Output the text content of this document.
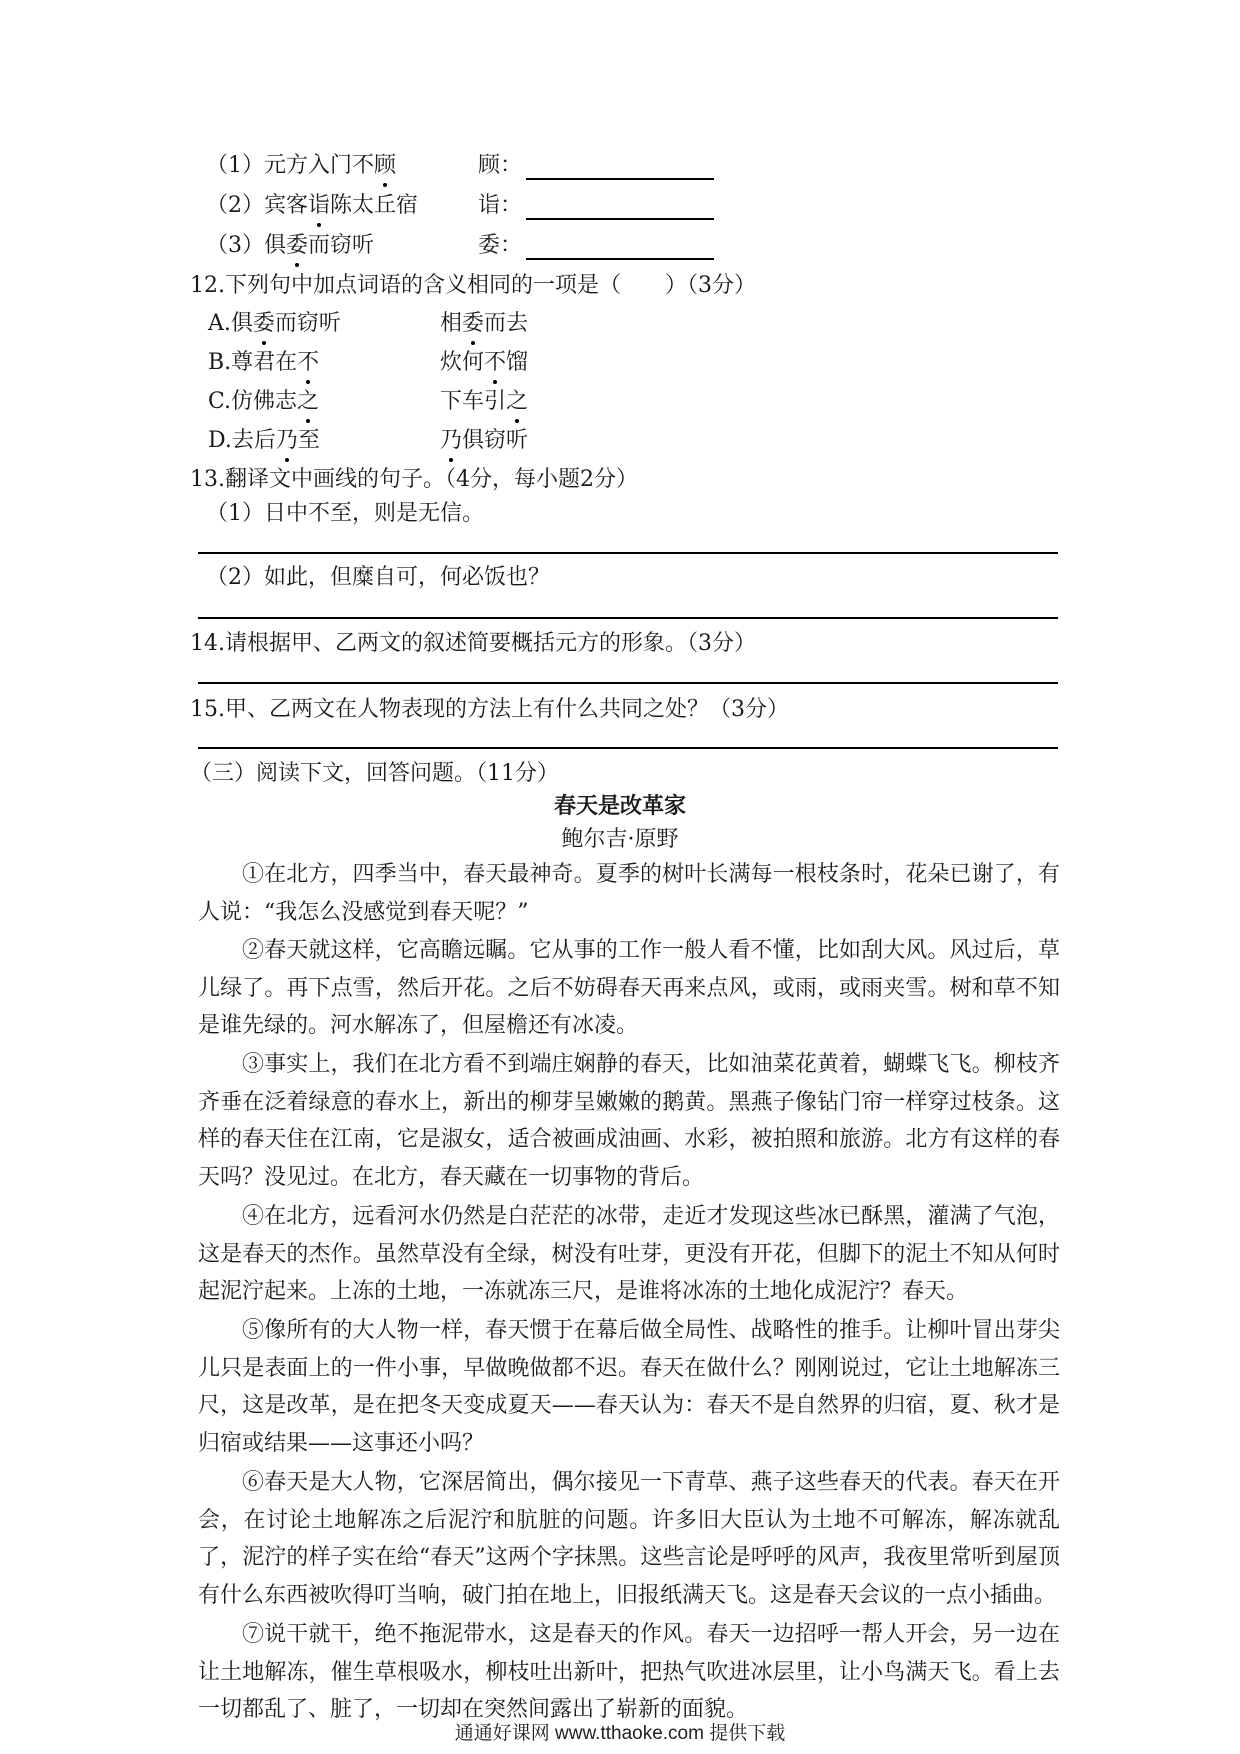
（1）元方入门不顾	顾：
（2）宾客诣陈太丘宿	诣：
（3）俱委而窃听	委：
12.下列句中加点词语的含义相同的一项是（　　）（3分）
A.俱委而窃听	相委而去
B.尊君在不	炊何不馏
C.仿佛志之	下车引之
D.去后乃至	乃俱窃听
13.翻译文中画线的句子。（4分，每小题2分）
（1）日中不至，则是无信。
（2）如此，但糜自可，何必饭也？
14.请根据甲、乙两文的叙述简要概括元方的形象。（3分）
15.甲、乙两文在人物表现的方法上有什么共同之处？（3分）
（三）阅读下文，回答问题。（11分）
春天是改革家
鲍尔吉·原野
①在北方，四季当中，春天最神奇。夏季的树叶长满每一根枝条时，花朵已谢了，有人说：“我怎么没感觉到春天呢？”
②春天就这样，它高瞻远瞩。它从事的工作一般人看不懂，比如刮大风。风过后，草儿绿了。再下点雪，然后开花。之后不妨碍春天再来点风，或雨，或雨夹雪。树和草不知是谁先绿的。河水解冻了，但屋檐还有冰凌。
③事实上，我们在北方看不到端庄娴静的春天，比如油菜花黄着，蝴蝶飞飞。柳枝齐齐垂在泛着绿意的春水上，新出的柳芽呈嫩嫩的鹅黄。黑燕子像钻门帘一样穿过枝条。这样的春天住在江南，它是淑女，适合被画成油画、水彩，被拍照和旅游。北方有这样的春天吗？没见过。在北方，春天藏在一切事物的背后。
④在北方，远看河水仍然是白茫茫的冰带，走近才发现这些冰已酥黑，灌满了气泡，这是春天的杰作。虽然草没有全绿，树没有吐芽，更没有开花，但脚下的泥土不知从何时起泥泞起来。上冻的土地，一冻就冻三尺，是谁将冰冻的土地化成泥泞？春天。
⑤像所有的大人物一样，春天惯于在幕后做全局性、战略性的推手。让柳叶冒出芽尖儿只是表面上的一件小事，早做晚做都不迟。春天在做什么？刚刚说过，它让土地解冻三尺，这是改革，是在把冬天变成夏天——春天认为：春天不是自然界的归宿，夏、秋才是归宿或结果——这事还小吗？
⑥春天是大人物，它深居简出，偶尔接见一下青草、燕子这些春天的代表。春天在开会，在讨论土地解冻之后泥泞和肮脏的问题。许多旧大臣认为土地不可解冻，解冻就乱了，泥泞的样子实在给“春天”这两个字抹黑。这些言论是呼呼的风声，我夜里常听到屋顶有什么东西被吹得叮当响，破门拍在地上，旧报纸满天飞。这是春天会议的一点小插曲。
⑦说干就干，绝不拖泥带水，这是春天的作风。春天一边招呼一帮人开会，另一边在让土地解冻，催生草根吸水，柳枝吐出新叶，把热气吹进冰层里，让小鸟满天飞。看上去一切都乱了、脏了，一切却在突然间露出了崭新的面貌。
通通好课网 www.tthaoke.com 提供下载
